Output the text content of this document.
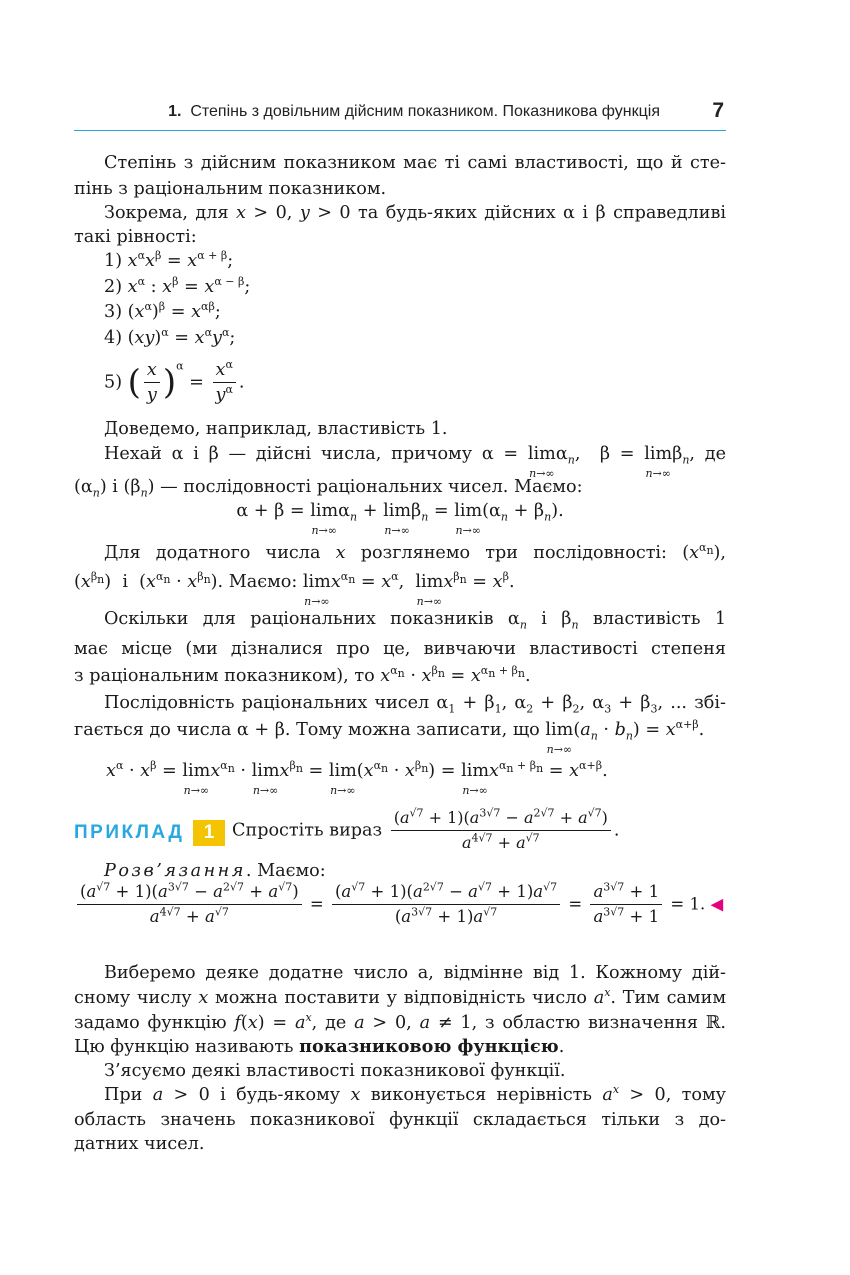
1. Степінь з довільним дійсним показником. Показникова функція 7
Степінь з дійсним показником має ті самі властивості, що й сте-
пінь з раціональним показником.
Зокрема, для x > 0, y > 0 та будь-яких дійсних α і β справедливі
такі рівності:
1) $x^\alpha x^\beta = x^{\alpha + \beta}$;
2) $x^\alpha$ : $x^\beta = x^{\alpha - \beta}$;
3) $(x^\alpha)^\beta = x^{\alpha\beta}$;
4) $(xy)^\alpha = x^\alpha y^\alpha$;
5) ( $\frac{x}{y} )^\alpha = \frac{x^\alpha}{y^\alpha}$ .
Доведемо, наприклад, властивість 1.
Нехай α і β — дійсні числа, причому α = lim
n→∞
$\alpha_n$,  β = lim
n→∞
$\beta_n$, де
$(\alpha_n)$ і $(\beta_n)$ — послідовності раціональних чисел. Маємо:
α + β = lim
n→∞
$\alpha_n + \lim$
n→∞
$\beta_n = \lim$
n→∞
$(\alpha_n + \beta_n)$.
Для додатного числа x розглянемо три послідовності: $(x^{\alpha_n})$,
$(x^{\beta_n})$  і  $(x^{\alpha_n} \cdot x^{\beta_n})$. Маємо: lim
n→∞
$x^{\alpha_n} = x^\alpha$,  lim
n→∞
$x^{\beta_n} = x^\beta$.
Оскільки для раціональних показників $\alpha_n$ і $\beta_n$ властивість 1
має місце (ми дізналися про це, вивчаючи властивості степеня
з раціональним показником), то $x^{\alpha_n} \cdot x^{\beta_n} = x^{\alpha_n + \beta_n}$.
Послідовність раціональних чисел $\alpha_1 + \beta_1$, $\alpha_2 + \beta_2$, $\alpha_3 + \beta_3$, ... збі-
гається до числа α + β. Тому можна записати, що lim
n→∞
$(a_n \cdot b_n) = x^{\alpha+\beta}$.
$x^\alpha \cdot x^\beta = \lim$
n→∞
$x^{\alpha_n} \cdot \lim$
n→∞
$x^{\beta_n} = \lim$
n→∞
$(x^{\alpha_n} \cdot x^{\beta_n}) = \lim$
n→∞
$x^{\alpha_n + \beta_n} = x^{\alpha+\beta}$.
ПРИКЛАД	1	Спростіть вираз $\frac{(a^{√7} + 1)(a^{3√7} - a^{2√7} + a^{√7})}{a^{4√7} + a^{√7}}$ .
Розв’язання. Маємо:
$\frac{(a^{√7} + 1)(a^{3√7} - a^{2√7} + a^{√7})}{a^{4√7} + a^{√7}} = \frac{(a^{√7} + 1)(a^{2√7} - a^{√7} + 1)a^{√7}}{(a^{3√7} + 1)a^{√7}} = \frac{a^{3√7} + 1}{a^{3√7} + 1} = 1$. ◀
Виберемо деяке додатне число a, відмінне від 1. Кожному дій-
сному числу x можна поставити у відповідність число $a^x$. Тим самим
задамо функцію $f(x) = a^x$, де a > 0, a ≠ 1, з областю визначення ℝ.
Цю функцію називають показниковою функцією.
З’ясуємо деякі властивості показникової функції.
При a > 0 і будь-якому x виконується нерівність $a^x > 0$, тому
область значень показникової функції складається тільки з до-
датних чисел.
